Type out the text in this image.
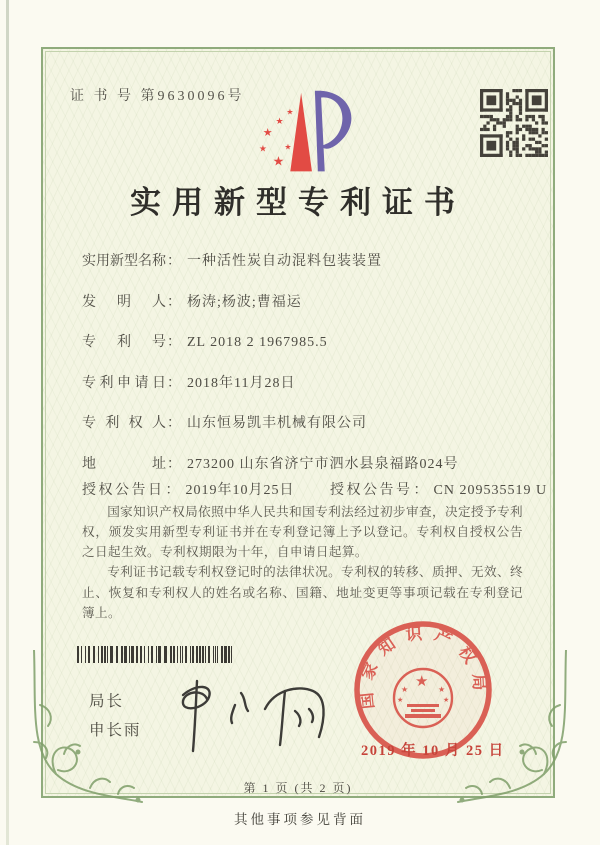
证 书 号 第9630096号
★
★
★
★
★
★
实用新型专利证书
实用新型名称： 一种活性炭自动混料包装装置
发明人： 杨涛;杨波;曹福运
专利号： ZL 2018 2 1967985.5
专利申请日： 2018年11月28日
专利权人： 山东恒易凯丰机械有限公司
地址： 273200 山东省济宁市泗水县泉福路024号
授权公告日： 2019年10月25日	授权公告号： CN 209535519 U

国家知识产权局依照中华人民共和国专利法经过初步审查，决定授予专利权，颁发实用新型专利证书并在专利登记簿上予以登记。专利权自授权公告之日起生效。专利权期限为十年，自申请日起算。

专利证书记载专利权登记时的法律状况。专利权的转移、质押、无效、终止、恢复和专利权人的姓名或名称、国籍、地址变更等事项记载在专利登记簿上。

局长
申长雨
国家知识产权局
★
★	★
★	★
2019 年 10 月 25 日
第 1 页 (共 2 页)
其他事项参见背面
